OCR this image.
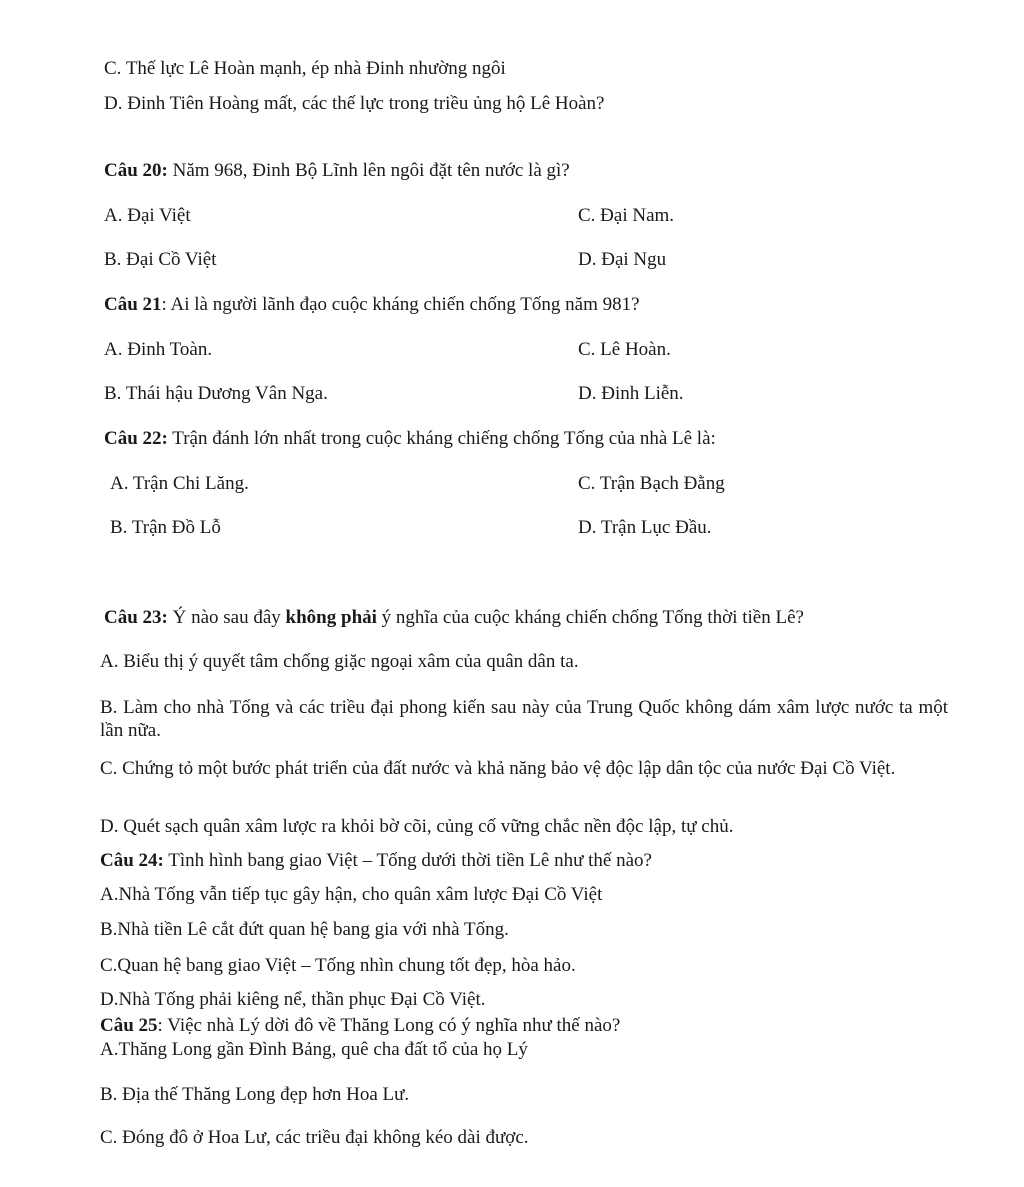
C. Thế lực Lê Hoàn mạnh, ép nhà Đinh nhường ngôi
D. Đinh Tiên Hoàng mất, các thế lực trong triều ủng hộ Lê Hoàn?
Câu 20: Năm 968, Đinh Bộ Lĩnh lên ngôi đặt tên nước là gì?
A. Đại Việt	C. Đại Nam.
B. Đại Cồ Việt	D. Đại Ngu
Câu 21: Ai là người lãnh đạo cuộc kháng chiến chống Tống năm 981?
A. Đinh Toàn.	C. Lê Hoàn.
B. Thái hậu Dương Vân Nga.	D. Đinh Liễn.
Câu 22: Trận đánh lớn nhất trong cuộc kháng chiếng chống Tống của nhà Lê là:
A. Trận Chi Lăng.	C. Trận Bạch Đằng
B. Trận Đồ Lỗ	D. Trận Lục Đầu.
Câu 23: Ý nào sau đây không phải ý nghĩa của cuộc kháng chiến chống Tống thời tiền Lê?
A. Biểu thị ý quyết tâm chống giặc ngoại xâm của quân dân ta.
B. Làm cho nhà Tống và các triều đại phong kiến sau này của Trung Quốc không dám xâm lược nước ta một lần nữa.
C. Chứng tỏ một bước phát triển của đất nước và khả năng bảo vệ độc lập dân tộc của nước Đại Cồ Việt.
D. Quét sạch quân xâm lược ra khỏi bờ cõi, củng cố vững chắc nền độc lập, tự chủ.
Câu 24: Tình hình bang giao Việt – Tống dưới thời tiền Lê như thế nào?
A.Nhà Tống vẫn tiếp tục gây hận, cho quân xâm lược Đại Cồ Việt
B.Nhà tiền Lê cắt đứt quan hệ bang gia với nhà Tống.
C.Quan hệ bang giao Việt – Tống nhìn chung tốt đẹp, hòa hảo.
D.Nhà Tống phải kiêng nể, thần phục Đại Cồ Việt.
Câu 25: Việc nhà Lý dời đô về Thăng Long có ý nghĩa như thế nào?
A.Thăng Long gần Đình Bảng, quê cha đất tổ của họ Lý
B. Địa thế Thăng Long đẹp hơn Hoa Lư.
C. Đóng đô ở Hoa Lư, các triều đại không kéo dài được.
